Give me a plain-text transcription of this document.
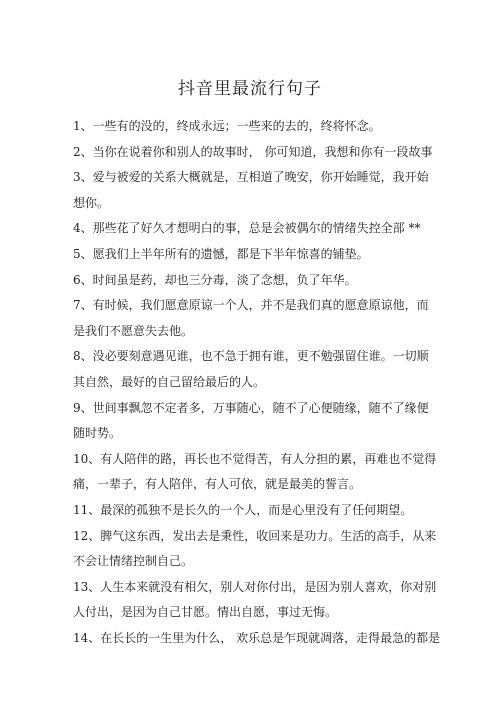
抖音里最流行句子
1、一些有的没的，终成永远；一些来的去的，终将怀念。
2、当你在说着你和别人的故事时， 你可知道，我想和你有一段故事
3、爱与被爱的关系大概就是，互相道了晚安，你开始睡觉，我开始
想你。
4、那些花了好久才想明白的事，总是会被偶尔的情绪失控全部 **
5、愿我们上半年所有的遗憾，都是下半年惊喜的铺垫。
6、时间虽是药，却也三分毒，淡了念想，负了年华。
7、有时候，我们愿意原谅一个人，并不是我们真的愿意原谅他，而
是我们不愿意失去他。
8、没必要刻意遇见谁，也不急于拥有谁，更不勉强留住谁。一切顺
其自然，最好的自己留给最后的人。
9、世间事飘忽不定者多，万事随心，随不了心便随缘，随不了缘便
随时势。
10、有人陪伴的路，再长也不觉得苦，有人分担的累，再难也不觉得
痛，一辈子，有人陪伴，有人可依，就是最美的誓言。
11、最深的孤独不是长久的一个人，而是心里没有了任何期望。
12、脾气这东西，发出去是秉性，收回来是功力。生活的高手，从来
不会让情绪控制自己。
13、人生本来就没有相欠，别人对你付出，是因为别人喜欢，你对别
人付出，是因为自己甘愿。情出自愿，事过无悔。
14、在长长的一生里为什么， 欢乐总是乍现就凋落，走得最急的都是
